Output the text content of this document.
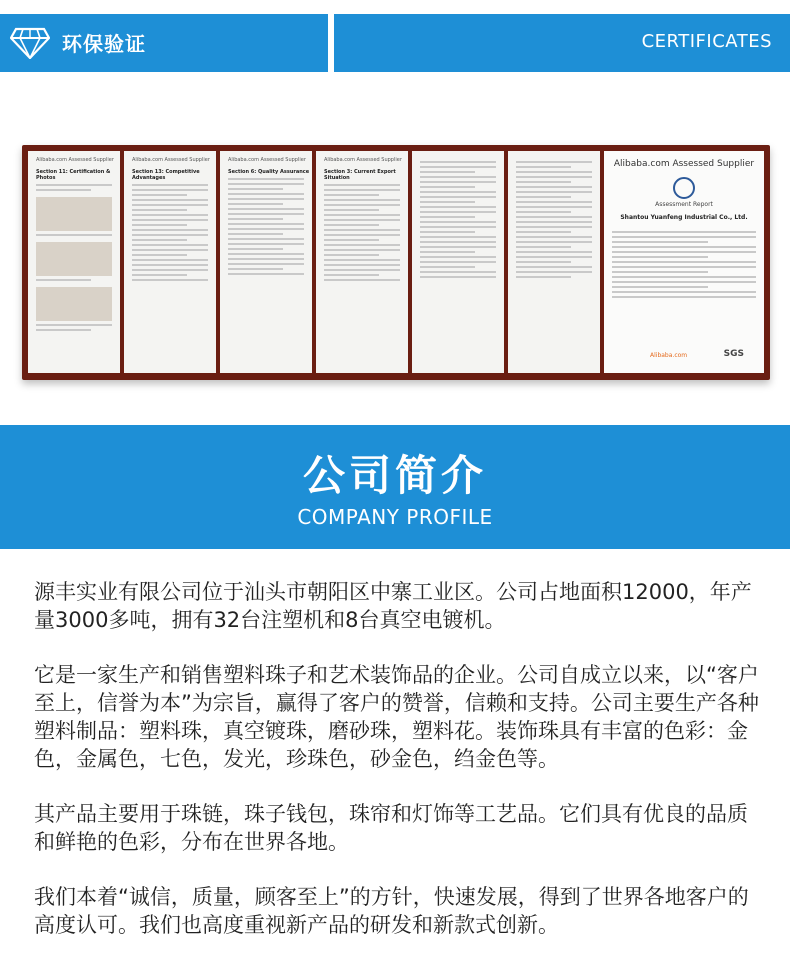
环保验证	CERTIFICATES
Alibaba.com Assessed Supplier
Section 11: Certification & Photos
Alibaba.com Assessed Supplier
Section 13: Competitive Advantages
Alibaba.com Assessed Supplier
Section 6: Quality Assurance
Alibaba.com Assessed Supplier
Section 3: Current Export Situation
Alibaba.com Assessed Supplier
Assessment Report
Shantou Yuanfeng Industrial Co., Ltd.
Alibaba.com	SGS
公司简介
COMPANY PROFILE

源丰实业有限公司位于汕头市朝阳区中寨工业区。公司占地面积12000，年产量3000多吨，拥有32台注塑机和8台真空电镀机。

它是一家生产和销售塑料珠子和艺术装饰品的企业。公司自成立以来，以“客户至上，信誉为本”为宗旨，赢得了客户的赞誉，信赖和支持。公司主要生产各种塑料制品：塑料珠，真空镀珠，磨砂珠，塑料花。装饰珠具有丰富的色彩：金色，金属色，七色，发光，珍珠色，砂金色，绉金色等。

其产品主要用于珠链，珠子钱包，珠帘和灯饰等工艺品。它们具有优良的品质和鲜艳的色彩，分布在世界各地。

我们本着“诚信，质量，顾客至上”的方针，快速发展，得到了世界各地客户的高度认可。我们也高度重视新产品的研发和新款式创新。
